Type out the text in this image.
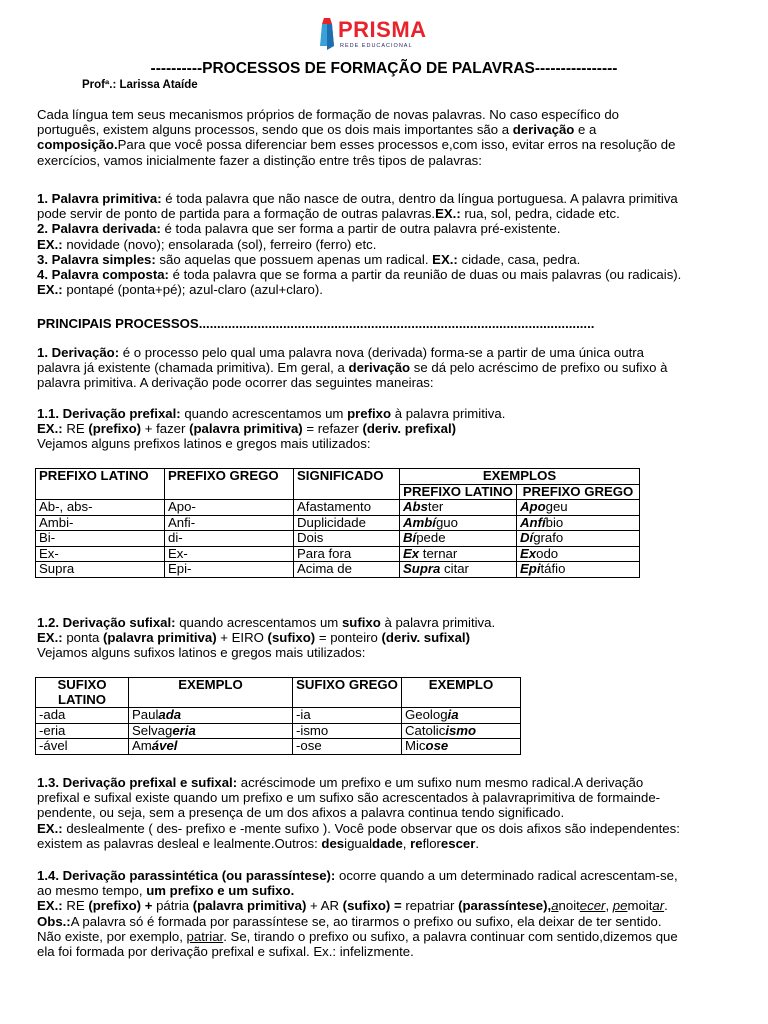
PRISMA
REDE EDUCACIONAL
----------PROCESSOS DE FORMAÇÃO DE PALAVRAS----------------
Profª.: Larissa Ataíde
Cada língua tem seus mecanismos próprios de formação de novas palavras. No caso específico do
português, existem alguns processos, sendo que os dois mais importantes são a derivação e a
composição.Para que você possa diferenciar bem esses processos e,com isso, evitar erros na resolução de
exercícios, vamos inicialmente fazer a distinção entre três tipos de palavras:
1. Palavra primitiva: é toda palavra que não nasce de outra, dentro da língua portuguesa. A palavra primitiva
pode servir de ponto de partida para a formação de outras palavras.EX.: rua, sol, pedra, cidade etc.
2. Palavra derivada: é toda palavra que ser forma a partir de outra palavra pré-existente.
EX.: novidade (novo); ensolarada (sol), ferreiro (ferro) etc.
3. Palavra simples: são aquelas que possuem apenas um radical. EX.: cidade, casa, pedra.
4. Palavra composta: é toda palavra que se forma a partir da reunião de duas ou mais palavras (ou radicais).
EX.: pontapé (ponta+pé); azul-claro (azul+claro).
PRINCIPAIS PROCESSOS............................................................................................................
1. Derivação: é o processo pelo qual uma palavra nova (derivada) forma-se a partir de uma única outra
palavra já existente (chamada primitiva). Em geral, a derivação se dá pelo acréscimo de prefixo ou sufixo à
palavra primitiva. A derivação pode ocorrer das seguintes maneiras:
1.1. Derivação prefixal: quando acrescentamos um prefixo à palavra primitiva.
EX.: RE (prefixo) + fazer (palavra primitiva) = refazer (deriv. prefixal)
Vejamos alguns prefixos latinos e gregos mais utilizados:
PREFIXO LATINO	PREFIXO GREGO	SIGNIFICADO	EXEMPLOS	
			PREFIXO LATINO	PREFIXO GREGO
Ab-, abs-	Apo-	Afastamento	Abster	Apogeu
Ambi-	Anfi-	Duplicidade	Ambíguo	Anfíbio
Bi-	di-	Dois	Bípede	Dígrafo
Ex-	Ex-	Para fora	Ex ternar	Exodo
Supra	Epi-	Acima de	Supra citar	Epitáfio
1.2. Derivação sufixal: quando acrescentamos um sufixo à palavra primitiva.
EX.: ponta (palavra primitiva) + EIRO (sufixo) = ponteiro (deriv. sufixal)
Vejamos alguns sufixos latinos e gregos mais utilizados:
SUFIXO LATINO	EXEMPLO	SUFIXO GREGO	EXEMPLO
-ada	Paulada	-ia	Geologia
-eria	Selvageria	-ismo	Catolicismo
-ável	Amável	-ose	Micose
1.3. Derivação prefixal e sufixal: acréscimode um prefixo e um sufixo num mesmo radical.A derivação
prefixal e sufixal existe quando um prefixo e um sufixo são acrescentados à palavraprimitiva de formainde-
pendente, ou seja, sem a presença de um dos afixos a palavra continua tendo significado.
EX.: deslealmente ( des- prefixo e -mente sufixo ). Você pode observar que os dois afixos são independentes:
existem as palavras desleal e lealmente.Outros: desigualdade, reflorescer.
1.4. Derivação parassintética (ou parassíntese): ocorre quando a um determinado radical acrescentam-se,
ao mesmo tempo, um prefixo e um sufixo.
EX.: RE (prefixo) + pátria (palavra primitiva) + AR (sufixo) = repatriar (parassíntese),anoitecer, pemoitar.
Obs.:A palavra só é formada por parassíntese se, ao tirarmos o prefixo ou sufixo, ela deixar de ter sentido.
Não existe, por exemplo, patriar. Se, tirando o prefixo ou sufixo, a palavra continuar com sentido,dizemos que
ela foi formada por derivação prefixal e sufixal. Ex.: infelizmente.
